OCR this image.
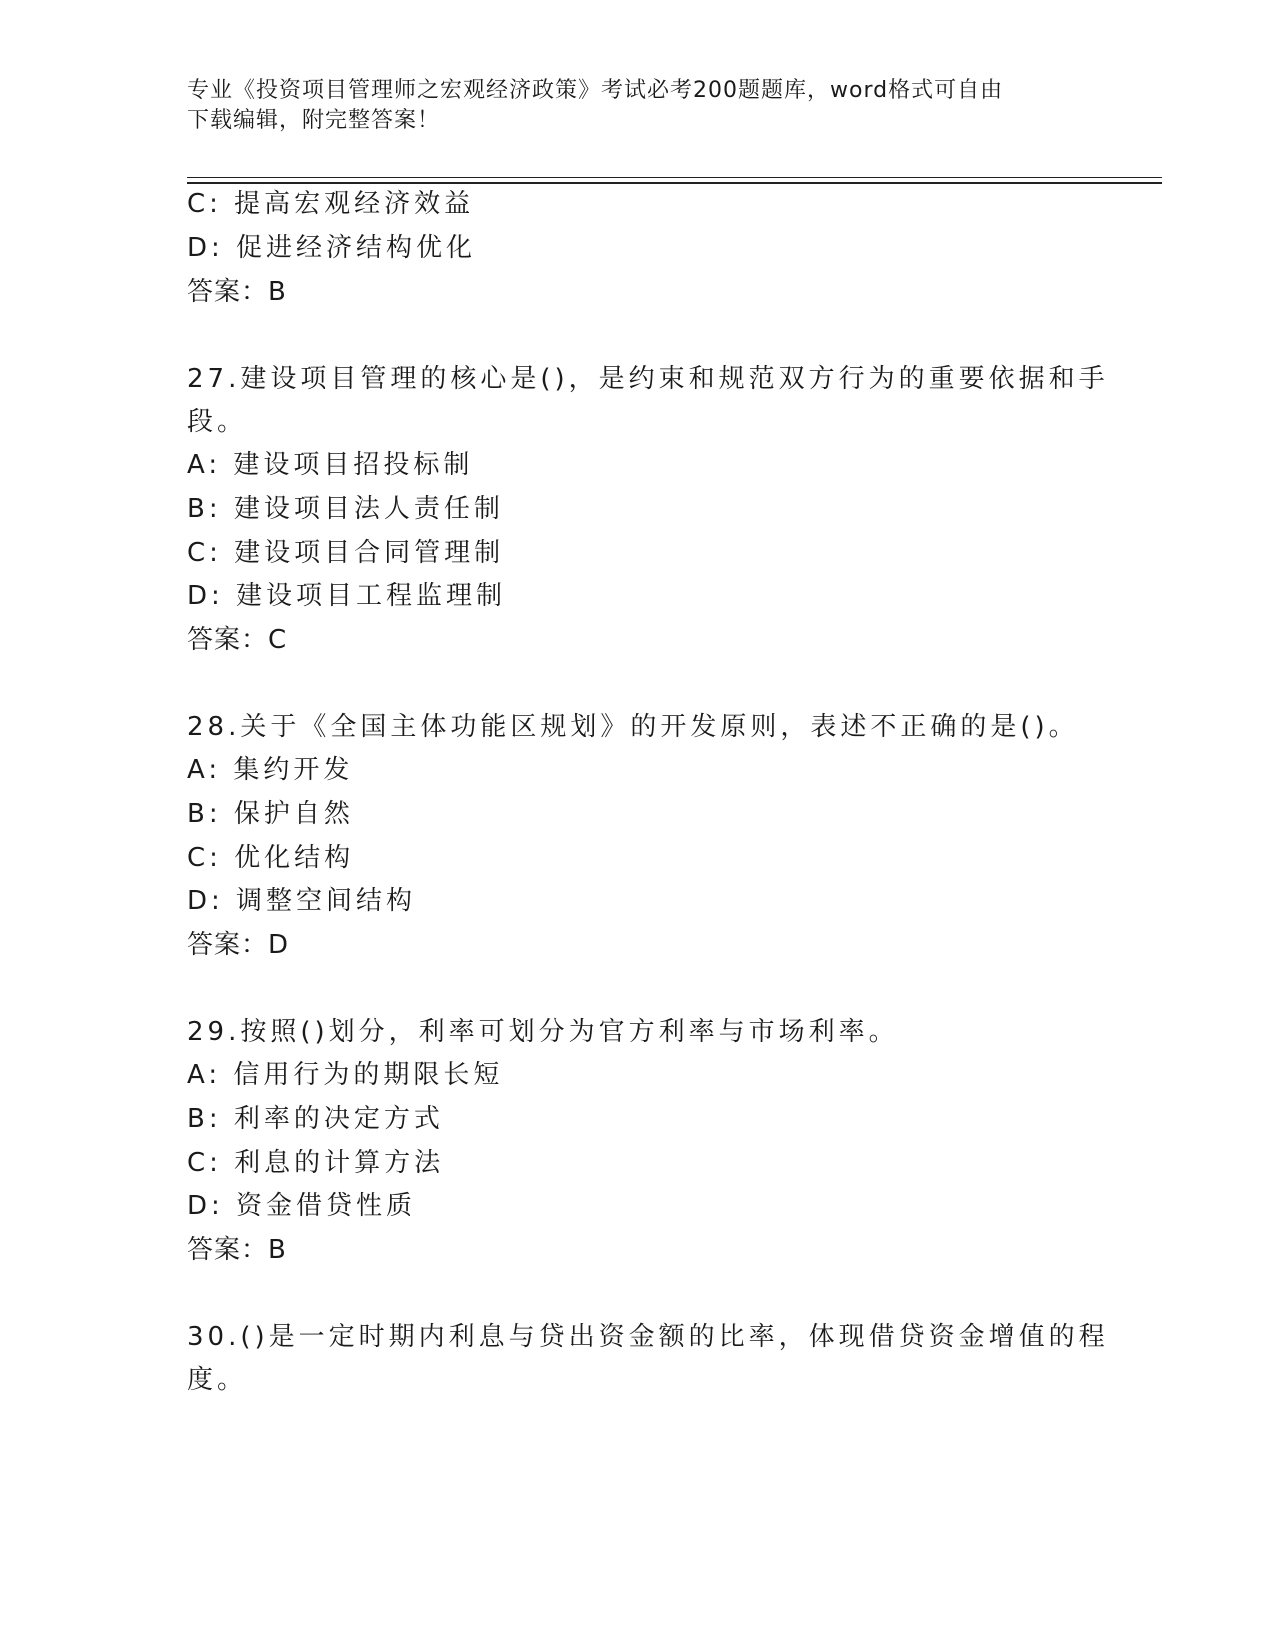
专业《投资项目管理师之宏观经济政策》考试必考200题题库，word格式可自由
下载编辑，附完整答案！
C: 提高宏观经济效益
D: 促进经济结构优化
答案：B
27.建设项目管理的核心是()，是约束和规范双方行为的重要依据和手
段。
A: 建设项目招投标制
B: 建设项目法人责任制
C: 建设项目合同管理制
D: 建设项目工程监理制
答案：C
28.关于《全国主体功能区规划》的开发原则，表述不正确的是()。
A: 集约开发
B: 保护自然
C: 优化结构
D: 调整空间结构
答案：D
29.按照()划分，利率可划分为官方利率与市场利率。
A: 信用行为的期限长短
B: 利率的决定方式
C: 利息的计算方法
D: 资金借贷性质
答案：B
30.()是一定时期内利息与贷出资金额的比率，体现借贷资金增值的程
度。
